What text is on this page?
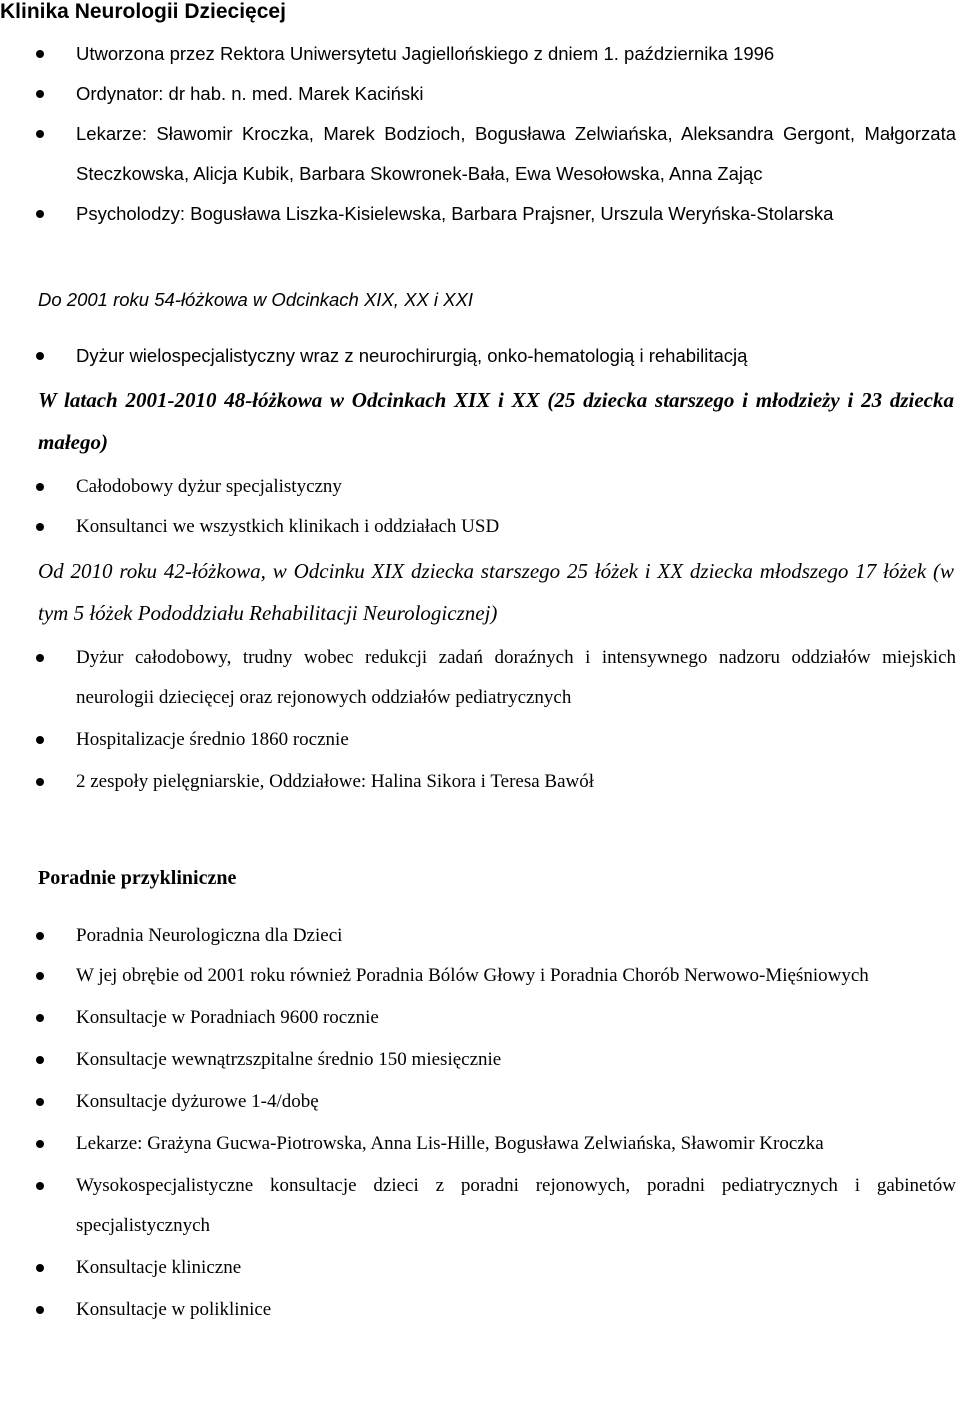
Klinika Neurologii Dziecięcej

Utworzona przez Rektora Uniwersytetu Jagiellońskiego z dniem 1. października 1996

Ordynator: dr hab. n. med. Marek Kaciński

Lekarze: Sławomir Kroczka, Marek Bodzioch, Bogusława Zelwiańska, Aleksandra Gergont, Małgorzata Steczkowska, Alicja Kubik, Barbara Skowronek-Bała, Ewa Wesołowska, Anna Zając

Psycholodzy: Bogusława Liszka-Kisielewska, Barbara Prajsner, Urszula Weryńska-Stolarska

Do 2001 roku 54-łóżkowa w Odcinkach XIX, XX i XXI

Dyżur wielospecjalistyczny wraz z neurochirurgią, onko-hematologią i rehabilitacją

W latach 2001-2010 48-łóżkowa w Odcinkach XIX i XX (25 dziecka starszego i młodzieży i 23 dziecka małego)

Całodobowy dyżur specjalistyczny

Konsultanci we wszystkich klinikach i oddziałach USD

Od 2010 roku 42-łóżkowa, w Odcinku XIX dziecka starszego 25 łóżek i XX dziecka młodszego 17 łóżek (w tym 5 łóżek Pododdziału Rehabilitacji Neurologicznej)

Dyżur całodobowy, trudny wobec redukcji zadań doraźnych i intensywnego nadzoru oddziałów miejskich neurologii dziecięcej oraz rejonowych oddziałów pediatrycznych

Hospitalizacje średnio 1860 rocznie

2 zespoły pielęgniarskie, Oddziałowe: Halina Sikora i Teresa Bawół

Poradnie przykliniczne

Poradnia Neurologiczna dla Dzieci

W jej obrębie od 2001 roku również Poradnia Bólów Głowy i Poradnia Chorób Nerwowo-Mięśniowych

Konsultacje w Poradniach 9600 rocznie

Konsultacje wewnątrzszpitalne średnio 150 miesięcznie

Konsultacje dyżurowe 1-4/dobę

Lekarze: Grażyna Gucwa-Piotrowska, Anna Lis-Hille, Bogusława Zelwiańska, Sławomir Kroczka

Wysokospecjalistyczne konsultacje dzieci z poradni rejonowych, poradni pediatrycznych i gabinetów specjalistycznych

Konsultacje kliniczne

Konsultacje w poliklinice
